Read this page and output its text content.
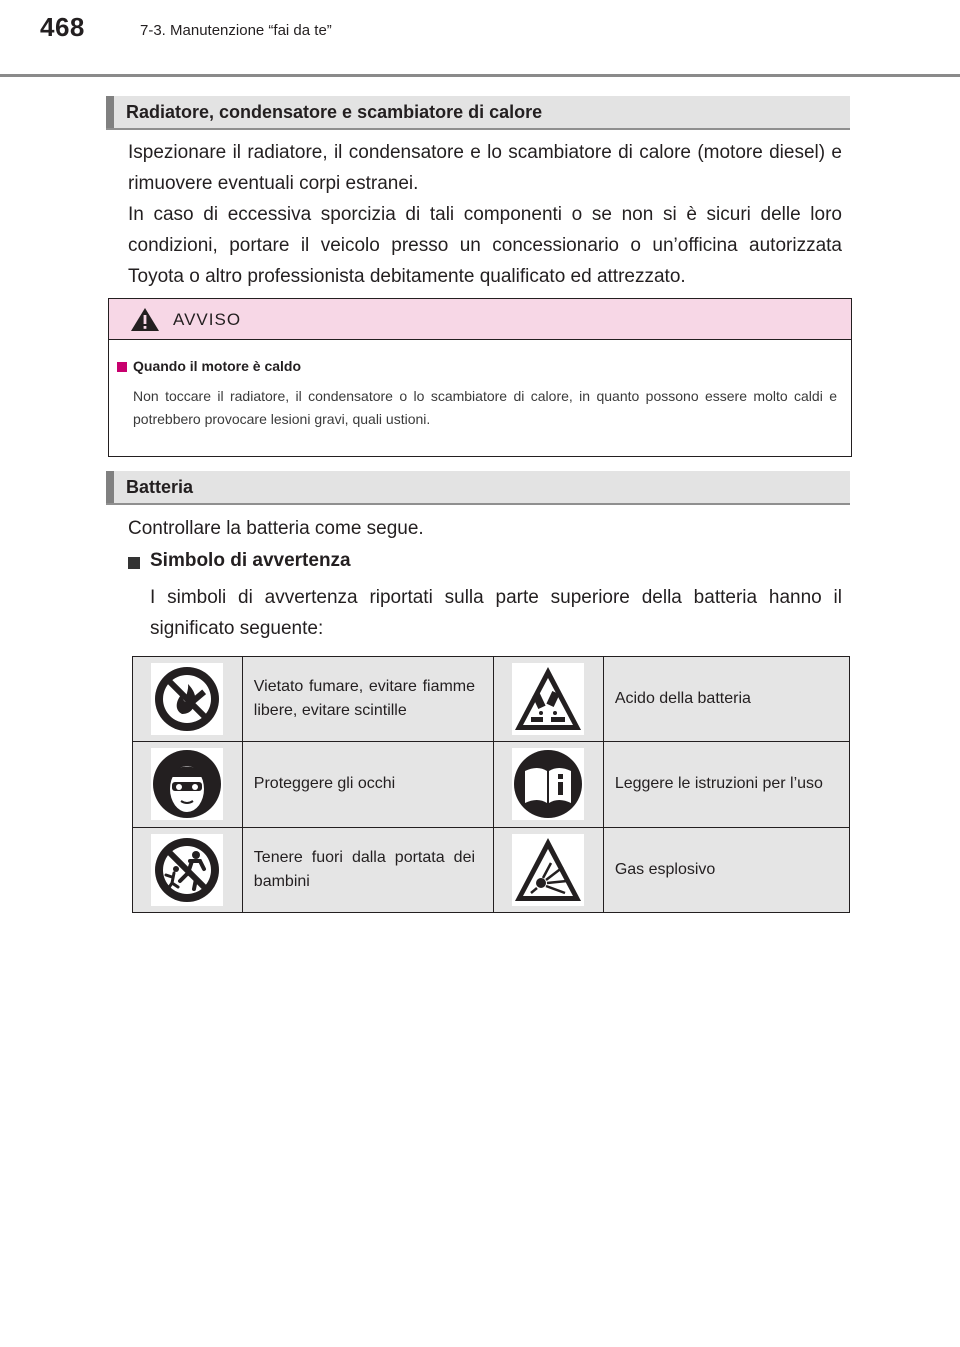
468	7-3. Manutenzione “fai da te”
Radiatore, condensatore e scambiatore di calore

Ispezionare il radiatore, il condensatore e lo scambiatore di calore (motore diesel) e rimuovere eventuali corpi estranei.

In caso di eccessiva sporcizia di tali componenti o se non si è sicuri delle loro condizioni, portare il veicolo presso un concessionario o un’officina autorizzata Toyota o altro professionista debitamente qualificato ed attrezzato.

AVVISO
Quando il motore è caldo
Non toccare il radiatore, il condensatore o lo scambiatore di calore, in quanto possono essere molto caldi e potrebbero provocare lesioni gravi, quali ustioni.
Batteria
Controllare la batteria come segue.
Simbolo di avvertenza
I simboli di avvertenza riportati sulla parte superiore della batteria hanno il significato seguente:
	Vietato fumare, evitare fiamme libere, evitare scintille		Acido della batteria

	Proteggere gli occhi		Leggere le istruzioni per l’uso

	Tenere fuori dalla portata dei bambini		Gas esplosivo
